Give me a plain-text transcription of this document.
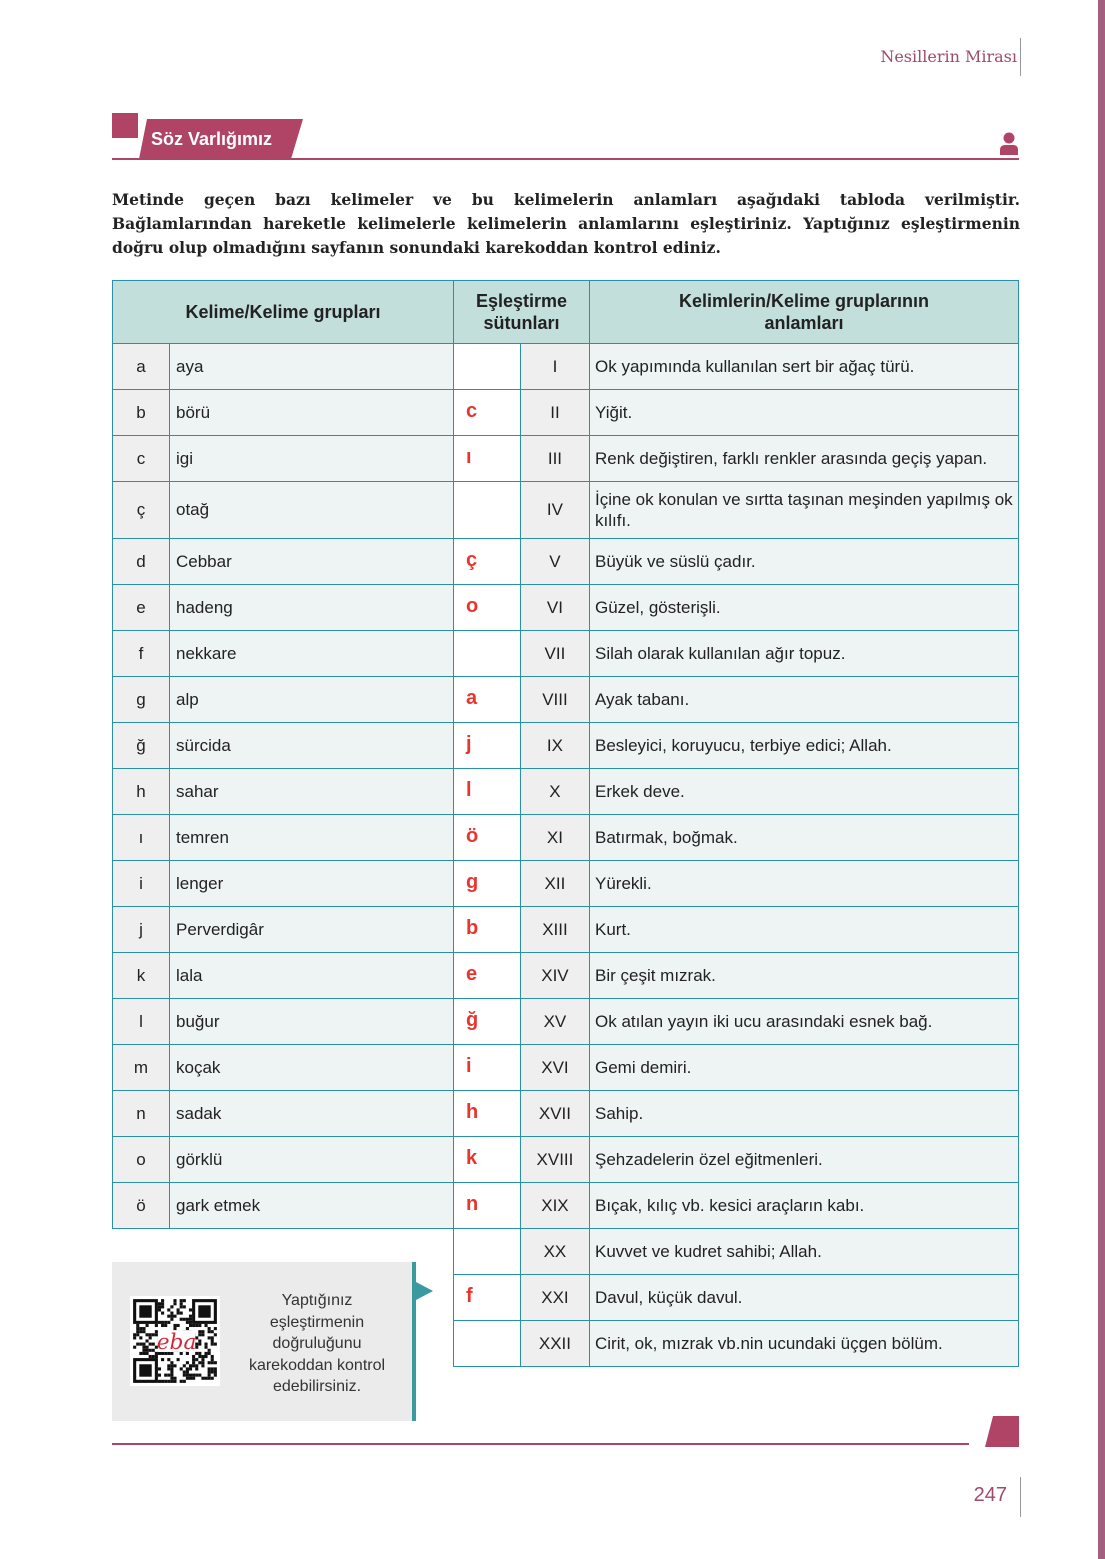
Nesillerin Mirası
Söz Varlığımız
Metinde geçen bazı kelimeler ve bu kelimelerin anlamları aşağıdaki tabloda verilmiştir. Bağlamlarından hareketle kelimelerle kelimelerin anlamlarını eşleştiriniz. Yaptığınız eşleştirmenin doğru olup olmadığını sayfanın sonundaki karekoddan kontrol ediniz.
Kelime/Kelime grupları		Eşleştirme sütunları		Kelimlerin/Kelime gruplarının anlamları
a	aya		I	Ok yapımında kullanılan sert bir ağaç türü.
b	börü	c	II	Yiğit.
c	igi	ı	III	Renk değiştiren, farklı renkler arasında geçiş yapan.
ç	otağ		IV	İçine ok konulan ve sırtta taşınan meşinden yapılmış ok kılıfı.
d	Cebbar	ç	V	Büyük ve süslü çadır.
e	hadeng	o	VI	Güzel, gösterişli.
f	nekkare		VII	Silah olarak kullanılan ağır topuz.
g	alp	a	VIII	Ayak tabanı.
ğ	sürcida	j	IX	Besleyici, koruyucu, terbiye edici; Allah.
h	sahar	l	X	Erkek deve.
ı	temren	ö	XI	Batırmak, boğmak.
i	lenger	g	XII	Yürekli.
j	Perverdigâr	b	XIII	Kurt.
k	lala	e	XIV	Bir çeşit mızrak.
l	buğur	ğ	XV	Ok atılan yayın iki ucu arasındaki esnek bağ.
m	koçak	i	XVI	Gemi demiri.
n	sadak	h	XVII	Sahip.
o	görklü	k	XVIII	Şehzadelerin özel eğitmenleri.
ö	gark etmek	n	XIX	Bıçak, kılıç vb. kesici araçların kabı.
			XX	Kuvvet ve kudret sahibi; Allah.
		f	XXI	Davul, küçük davul.
			XXII	Cirit, ok, mızrak vb.nin ucundaki üçgen bölüm.
eba
Yaptığınız eşleştirmenin doğruluğunu karekoddan kontrol edebilirsiniz.
247
